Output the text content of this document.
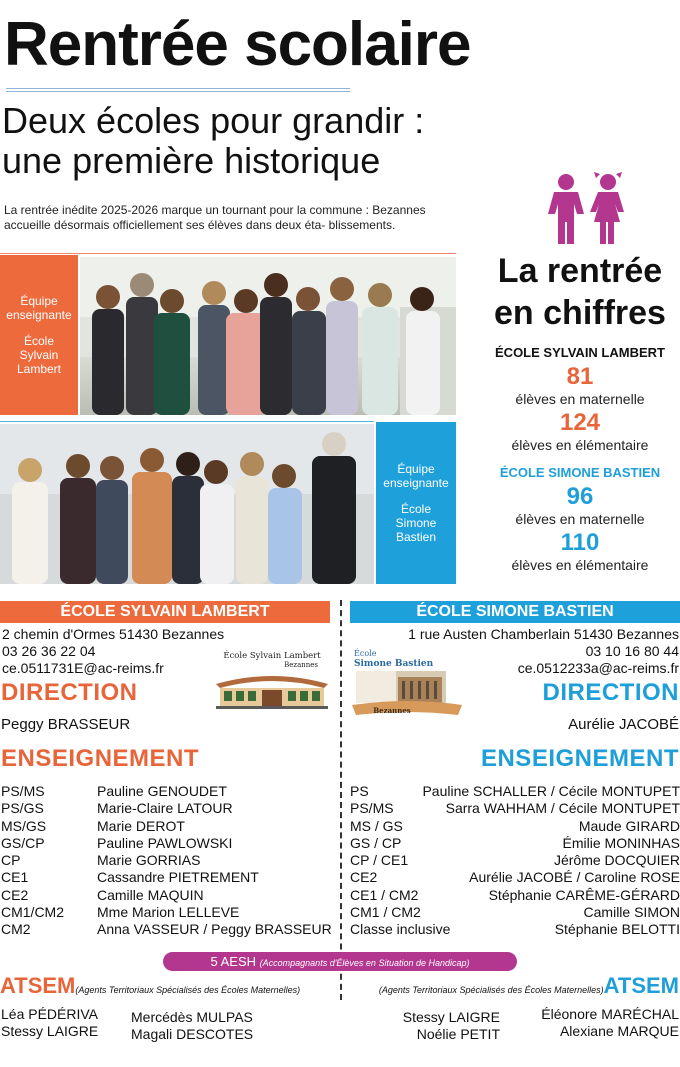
Rentrée scolaire
Deux écoles pour grandir :
une première historique

La rentrée inédite 2025-2026 marque un tournant pour la commune : Bezannes accueille désormais officiellement ses élèves dans deux éta- blissements.

Équipe enseignante
École Sylvain Lambert
Équipe enseignante
École Simone Bastien
La rentrée
en chiffres
ÉCOLE SYLVAIN LAMBERT
81
élèves en maternelle
124
élèves en élémentaire
ÉCOLE SIMONE BASTIEN
96
élèves en maternelle
110
élèves en élémentaire
ÉCOLE SYLVAIN LAMBERT	ÉCOLE SIMONE BASTIEN
2 chemin d'Ormes 51430 Bezannes
03 26 36 22 04
ce.0511731E@ac-reims.fr
École Sylvain Lambert
Bezannes
1 rue Austen Chamberlain 51430 Bezannes
03 10 16 80 44
ce.0512233a@ac-reims.fr
École
Simone Bastien
Bezannes
DIRECTION
Peggy BRASSEUR
DIRECTION
Aurélie JACOBÉ
ENSEIGNEMENT	ENSEIGNEMENT
PS/MS	Pauline GENOUDET
PS/GS	Marie-Claire LATOUR
MS/GS	Marie DEROT
GS/CP	Pauline PAWLOWSKI
CP	Marie GORRIAS
CE1	Cassandre PIETREMENT
CE2	Camille MAQUIN
CM1/CM2	Mme Marion LELLEVE
CM2	Anna VASSEUR / Peggy BRASSEUR
PS	Pauline SCHALLER / Cécile MONTUPET
PS/MS	Sarra WAHHAM / Cécile MONTUPET
MS / GS	Maude GIRARD
GS / CP	Émilie MONINHAS
CP / CE1	Jérôme DOCQUIER
CE2	Aurélie JACOBÉ / Caroline ROSE
CE1 / CM2	Stéphanie CARÊME-GÉRARD
CM1 / CM2	Camille SIMON
Classe inclusive	Stéphanie BELOTTI
5 AESH (Accompagnants d'Élèves en Situation de Handicap)
ATSEM(Agents Territoriaux Spécialisés des Écoles Maternelles)
Léa PÉDÉRIVA
Stessy LAIGRE
Mercédès MULPAS
Magali DESCOTES
(Agents Territoriaux Spécialisés des Écoles Maternelles)ATSEM
Stessy LAIGRE
Noélie PETIT
Éléonore MARÉCHAL
Alexiane MARQUE
